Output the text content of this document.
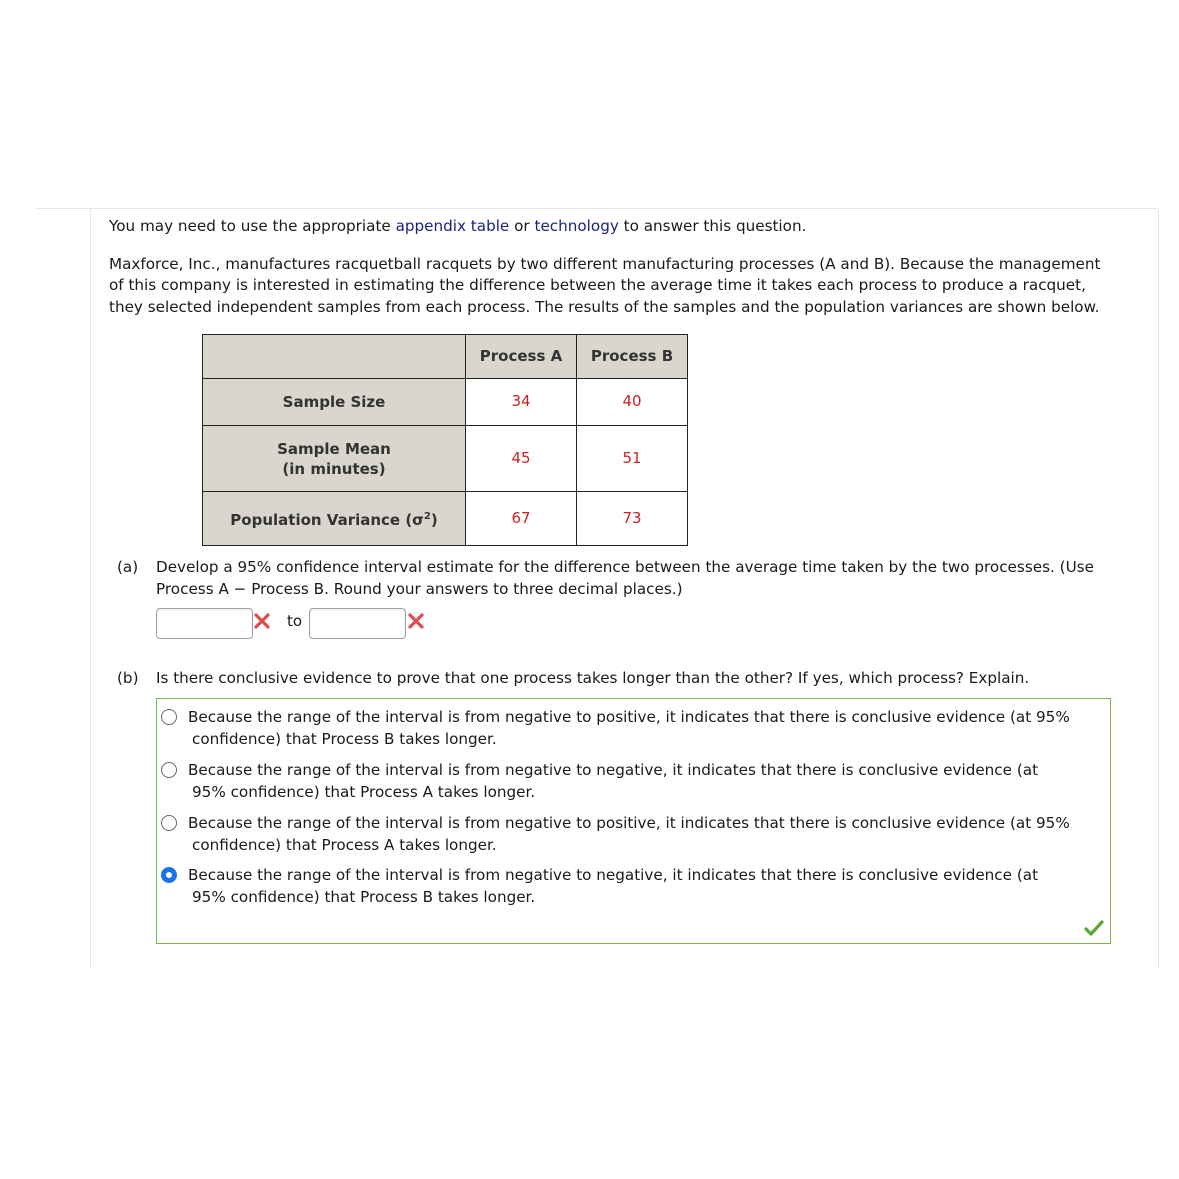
You may need to use the appropriate appendix table or technology to answer this question.

Maxforce, Inc., manufactures racquetball racquets by two different manufacturing processes (A and B). Because the management
of this company is interested in estimating the difference between the average time it takes each process to produce a racquet,
they selected independent samples from each process. The results of the samples and the population variances are shown below.

	Process A	Process B
Sample Size	34	40

Sample Mean
(in minutes)	45	51
Population Variance $(\sigma^2)$	67	73
(a) Develop a 95% confidence interval estimate for the difference between the average time taken by the two processes. (Use
Process A − Process B. Round your answers to three decimal places.)
to
(b) Is there conclusive evidence to prove that one process takes longer than the other? If yes, which process? Explain.
Because the range of the interval is from negative to positive, it indicates that there is conclusive evidence (at 95%
confidence) that Process B takes longer.
Because the range of the interval is from negative to negative, it indicates that there is conclusive evidence (at
95% confidence) that Process A takes longer.
Because the range of the interval is from negative to positive, it indicates that there is conclusive evidence (at 95%
confidence) that Process A takes longer.
Because the range of the interval is from negative to negative, it indicates that there is conclusive evidence (at
95% confidence) that Process B takes longer.
